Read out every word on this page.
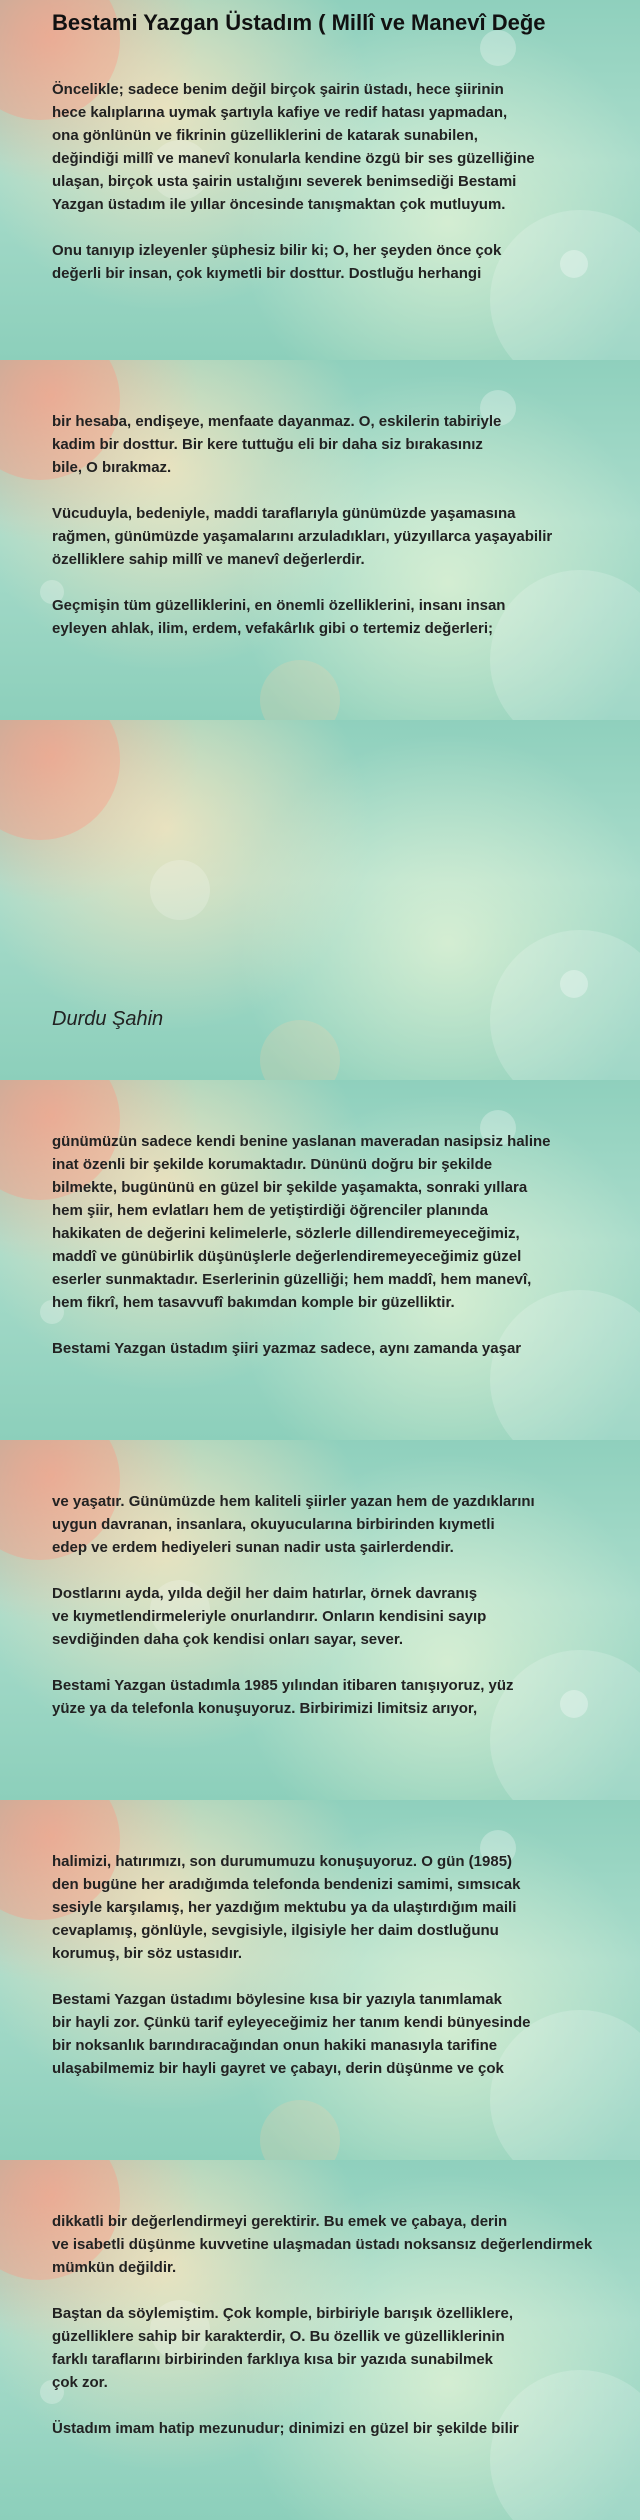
Bestami Yazgan Üstadım ( Millî ve Manevî Değe

Öncelikle; sadece benim değil birçok şairin üstadı, hece şiirinin
hece kalıplarına uymak şartıyla kafiye ve redif hatası yapmadan,
ona gönlünün ve fikrinin güzelliklerini de katarak sunabilen,
değindiği millî ve manevî konularla kendine özgü bir ses güzelliğine
ulaşan, birçok usta şairin ustalığını severek benimsediği Bestami
Yazgan üstadım ile yıllar öncesinde tanışmaktan çok mutluyum.

Onu tanıyıp izleyenler şüphesiz bilir ki; O, her şeyden önce çok
değerli bir insan, çok kıymetli bir dosttur. Dostluğu herhangi

bir hesaba, endişeye, menfaate dayanmaz. O, eskilerin tabiriyle
kadim bir dosttur. Bir kere tuttuğu eli bir daha siz bırakasınız
bile, O bırakmaz.

Vücuduyla, bedeniyle, maddi taraflarıyla günümüzde yaşamasına
rağmen, günümüzde yaşamalarını arzuladıkları, yüzyıllarca yaşayabilir
özelliklere sahip millî ve manevî değerlerdir.

Geçmişin tüm güzelliklerini, en önemli özelliklerini, insanı insan
eyleyen ahlak, ilim, erdem, vefakârlık gibi o tertemiz değerleri;

Durdu Şahin

günümüzün sadece kendi benine yaslanan maveradan nasipsiz haline
inat özenli bir şekilde korumaktadır. Dününü doğru bir şekilde
bilmekte, bugününü en güzel bir şekilde yaşamakta, sonraki yıllara
hem şiir, hem evlatları hem de yetiştirdiği öğrenciler planında
hakikaten de değerini kelimelerle, sözlerle dillendiremeyeceğimiz,
maddî ve günübirlik düşünüşlerle değerlendiremeyeceğimiz güzel
eserler sunmaktadır. Eserlerinin güzelliği; hem maddî, hem manevî,
hem fikrî, hem tasavvufî bakımdan komple bir güzelliktir.

Bestami Yazgan üstadım şiiri yazmaz sadece, aynı zamanda yaşar

ve yaşatır. Günümüzde hem kaliteli şiirler yazan hem de yazdıklarını
uygun davranan, insanlara, okuyucularına birbirinden kıymetli
edep ve erdem hediyeleri sunan nadir usta şairlerdendir.

Dostlarını ayda, yılda değil her daim hatırlar, örnek davranış
ve kıymetlendirmeleriyle onurlandırır. Onların kendisini sayıp
sevdiğinden daha çok kendisi onları sayar, sever.

Bestami Yazgan üstadımla 1985 yılından itibaren tanışıyoruz, yüz
yüze ya da telefonla konuşuyoruz. Birbirimizi limitsiz arıyor,

halimizi, hatırımızı, son durumumuzu konuşuyoruz. O gün (1985)
den bugüne her aradığımda telefonda bendenizi samimi, sımsıcak
sesiyle karşılamış, her yazdığım mektubu ya da ulaştırdığım maili
cevaplamış, gönlüyle, sevgisiyle, ilgisiyle her daim dostluğunu
korumuş, bir söz ustasıdır.

Bestami Yazgan üstadımı böylesine kısa bir yazıyla tanımlamak
bir hayli zor. Çünkü tarif eyleyeceğimiz her tanım kendi bünyesinde
bir noksanlık barındıracağından onun hakiki manasıyla tarifine
ulaşabilmemiz bir hayli gayret ve çabayı, derin düşünme ve çok

dikkatli bir değerlendirmeyi gerektirir. Bu emek ve çabaya, derin
ve isabetli düşünme kuvvetine ulaşmadan üstadı noksansız değerlendirmek
mümkün değildir.

Baştan da söylemiştim. Çok komple, birbiriyle barışık özelliklere,
güzelliklere sahip bir karakterdir, O. Bu özellik ve güzelliklerinin
farklı taraflarını birbirinden farklıya kısa bir yazıda sunabilmek
çok zor.

Üstadım imam hatip mezunudur; dinimizi en güzel bir şekilde bilir
